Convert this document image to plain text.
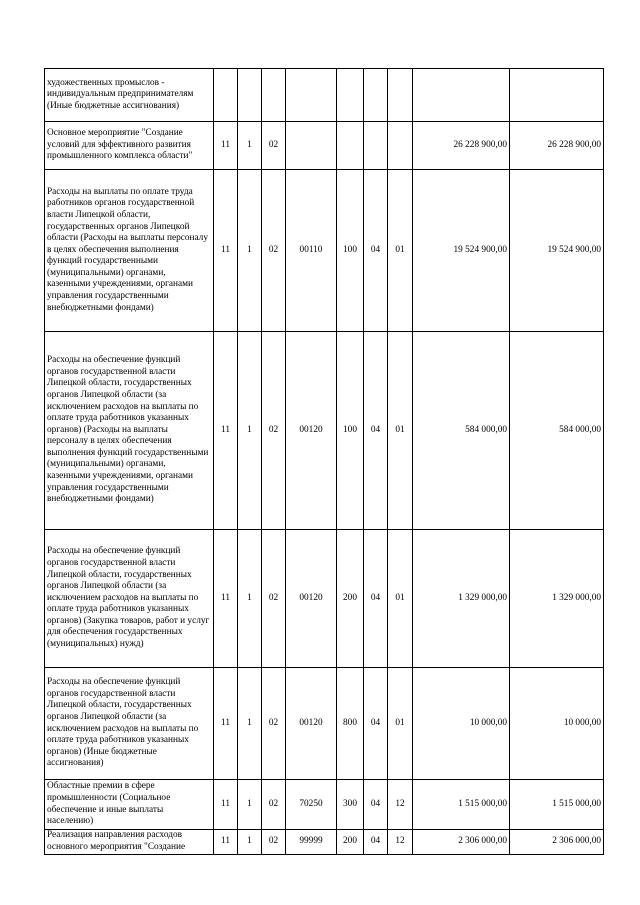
художественных промыслов - индивидуальным предпринимателям (Иные бюджетные ассигнования)									
Основное мероприятие "Создание условий для эффективного развития промышленного комплекса области"	11	1	02					26 228 900,00	26 228 900,00
Расходы на выплаты по оплате труда работников органов государственной власти Липецкой области, государственных органов Липецкой области (Расходы на выплаты персоналу в целях обеспечения выполнения функций государственными (муниципальными) органами, казенными учреждениями, органами управления государственными внебюджетными фондами)	11	1	02	00110	100	04	01	19 524 900,00	19 524 900,00
Расходы на обеспечение функций органов государственной власти Липецкой области, государственных органов Липецкой области (за исключением расходов на выплаты по оплате труда работников указанных органов) (Расходы на выплаты персоналу в целях обеспечения выполнения функций государственными (муниципальными) органами, казенными учреждениями, органами управления государственными внебюджетными фондами)	11	1	02	00120	100	04	01	584 000,00	584 000,00
Расходы на обеспечение функций органов государственной власти Липецкой области, государственных органов Липецкой области (за исключением расходов на выплаты по оплате труда работников указанных органов) (Закупка товаров, работ и услуг для обеспечения государственных (муниципальных) нужд)	11	1	02	00120	200	04	01	1 329 000,00	1 329 000,00
Расходы на обеспечение функций органов государственной власти Липецкой области, государственных органов Липецкой области (за исключением расходов на выплаты по оплате труда работников указанных органов) (Иные бюджетные ассигнования)	11	1	02	00120	800	04	01	10 000,00	10 000,00
Областные премии в сфере промышленности (Социальное обеспечение и иные выплаты населению)	11	1	02	70250	300	04	12	1 515 000,00	1 515 000,00
Реализация направления расходов основного мероприятия "Создание	11	1	02	99999	200	04	12	2 306 000,00	2 306 000,00
